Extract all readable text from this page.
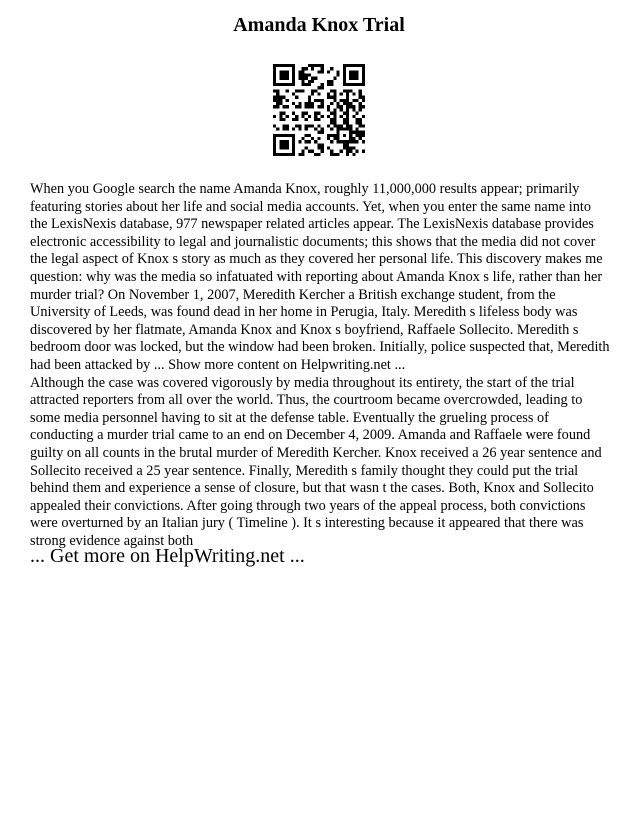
Amanda Knox Trial

When you Google search the name Amanda Knox, roughly 11,000,000 results appear; primarily featuring stories about her life and social media accounts. Yet, when you enter the same name into the LexisNexis database, 977 newspaper related articles appear. The LexisNexis database provides electronic accessibility to legal and journalistic documents; this shows that the media did not cover the legal aspect of Knox s story as much as they covered her personal life. This discovery makes me question: why was the media so infatuated with reporting about Amanda Knox s life, rather than her murder trial? On November 1, 2007, Meredith Kercher a British exchange student, from the University of Leeds, was found dead in her home in Perugia, Italy. Meredith s lifeless body was discovered by her flatmate, Amanda Knox and Knox s boyfriend, Raffaele Sollecito. Meredith s bedroom door was locked, but the window had been broken. Initially, police suspected that, Meredith had been attacked by ... Show more content on Helpwriting.net ...

Although the case was covered vigorously by media throughout its entirety, the start of the trial attracted reporters from all over the world. Thus, the courtroom became overcrowded, leading to some media personnel having to sit at the defense table. Eventually the grueling process of conducting a murder trial came to an end on December 4, 2009. Amanda and Raffaele were found guilty on all counts in the brutal murder of Meredith Kercher. Knox received a 26 year sentence and Sollecito received a 25 year sentence. Finally, Meredith s family thought they could put the trial behind them and experience a sense of closure, but that wasn t the cases. Both, Knox and Sollecito appealed their convictions. After going through two years of the appeal process, both convictions were overturned by an Italian jury ( Timeline ). It s interesting because it appeared that there was strong evidence against both

... Get more on HelpWriting.net ...
